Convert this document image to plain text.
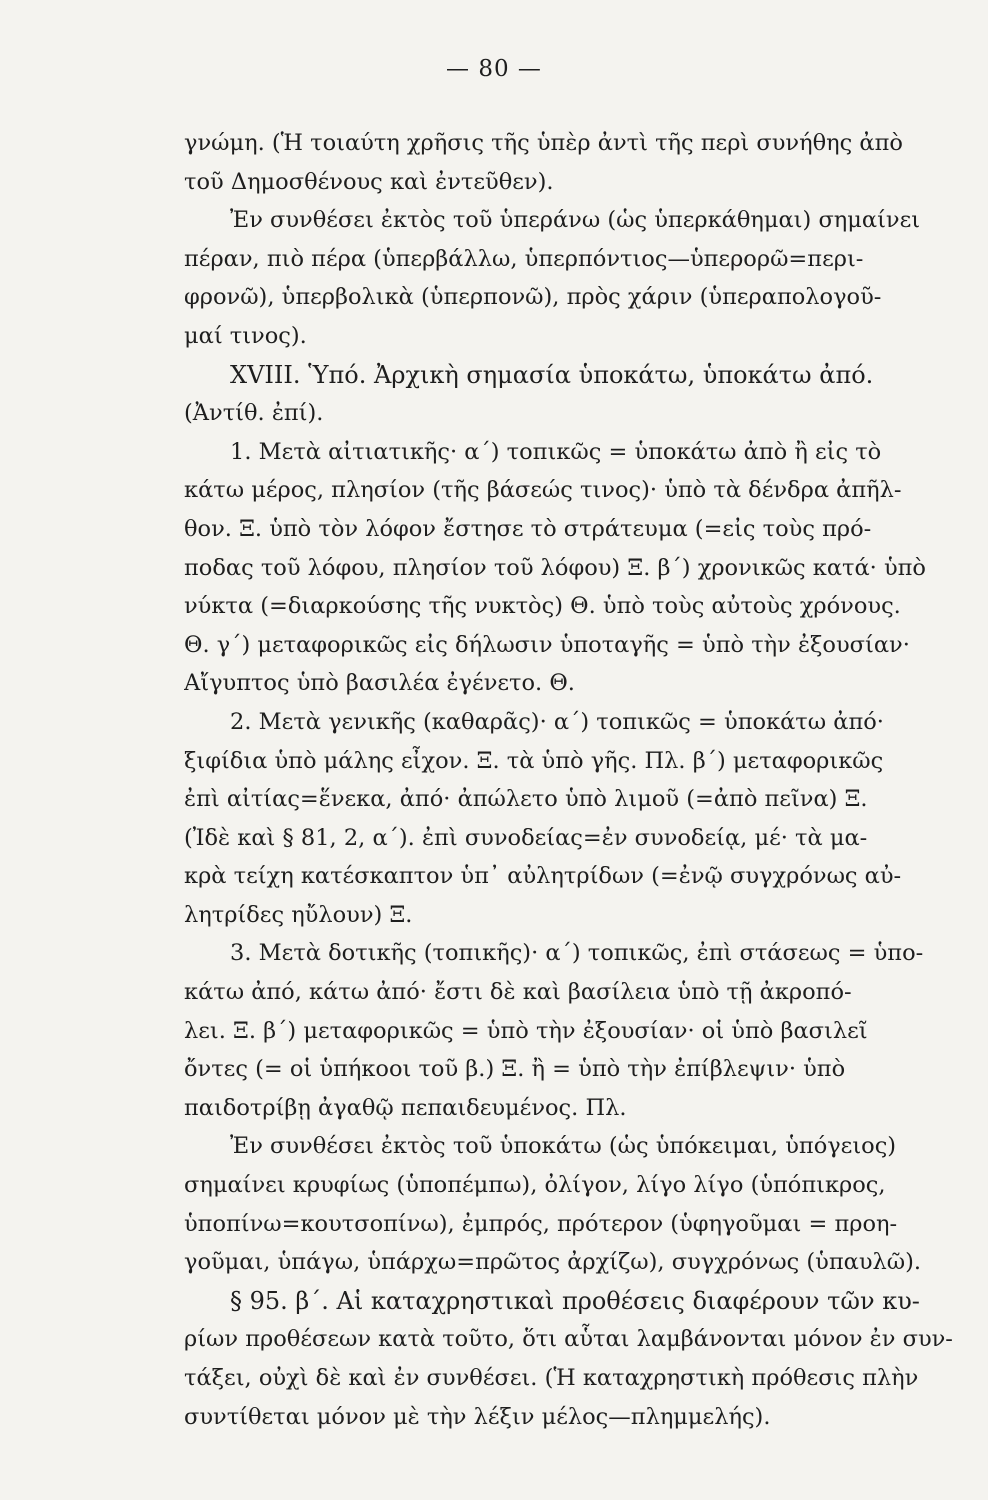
— 80 —
γνώμη. (Ἡ τοιαύτη χρῆσις τῆς ὑπὲρ ἀντὶ τῆς περὶ συνήθης ἀπὸ
τοῦ Δημοσθένους καὶ ἐντεῦθεν).
Ἐν συνθέσει ἐκτὸς τοῦ ὑπεράνω (ὡς ὑπερκάθημαι) σημαίνει
πέραν, πιὸ πέρα (ὑπερβάλλω, ὑπερπόντιος—ὑπερορῶ=περι-
φρονῶ), ὑπερβολικὰ (ὑπερπονῶ), πρὸς χάριν (ὑπεραπολογοῦ-
μαί τινος).
XVIII. Ὑπό. Ἀρχικὴ σημασία ὑποκάτω, ὑποκάτω ἀπό.
(Ἀντίθ. ἐπί).
1. Μετὰ αἰτιατικῆς· α΄) τοπικῶς = ὑποκάτω ἀπὸ ἢ εἰς τὸ
κάτω μέρος, πλησίον (τῆς βάσεώς τινος)· ὑπὸ τὰ δένδρα ἀπῆλ-
θον. Ξ. ὑπὸ τὸν λόφον ἔστησε τὸ στράτευμα (=εἰς τοὺς πρό-
ποδας τοῦ λόφου, πλησίον τοῦ λόφου) Ξ. β΄) χρονικῶς κατά· ὑπὸ
νύκτα (=διαρκούσης τῆς νυκτὸς) Θ. ὑπὸ τοὺς αὐτοὺς χρόνους.
Θ. γ΄) μεταφορικῶς εἰς δήλωσιν ὑποταγῆς = ὑπὸ τὴν ἐξουσίαν·
Αἴγυπτος ὑπὸ βασιλέα ἐγένετο. Θ.
2. Μετὰ γενικῆς (καθαρᾶς)· α΄) τοπικῶς = ὑποκάτω ἀπό·
ξιφίδια ὑπὸ μάλης εἶχον. Ξ. τὰ ὑπὸ γῆς. Πλ. β΄) μεταφορικῶς
ἐπὶ αἰτίας=ἕνεκα, ἀπό· ἀπώλετο ὑπὸ λιμοῦ (=ἀπὸ πεῖνα) Ξ.
(Ἰδὲ καὶ § 81, 2, α΄). ἐπὶ συνοδείας=ἐν συνοδείᾳ, μέ· τὰ μα-
κρὰ τείχη κατέσκαπτον ὑπ᾽ αὐλητρίδων (=ἐνῷ συγχρόνως αὐ-
λητρίδες ηὔλουν) Ξ.
3. Μετὰ δοτικῆς (τοπικῆς)· α΄) τοπικῶς, ἐπὶ στάσεως = ὑπο-
κάτω ἀπό, κάτω ἀπό· ἔστι δὲ καὶ βασίλεια ὑπὸ τῇ ἀκροπό-
λει. Ξ. β΄) μεταφορικῶς = ὑπὸ τὴν ἐξουσίαν· οἱ ὑπὸ βασιλεῖ
ὄντες (= οἱ ὑπήκοοι τοῦ β.) Ξ. ἢ = ὑπὸ τὴν ἐπίβλεψιν· ὑπὸ
παιδοτρίβῃ ἀγαθῷ πεπαιδευμένος. Πλ.
Ἐν συνθέσει ἐκτὸς τοῦ ὑποκάτω (ὡς ὑπόκειμαι, ὑπόγειος)
σημαίνει κρυφίως (ὑποπέμπω), ὀλίγον, λίγο λίγο (ὑπόπικρος,
ὑποπίνω=κουτσοπίνω), ἐμπρός, πρότερον (ὑφηγοῦμαι = προη-
γοῦμαι, ὑπάγω, ὑπάρχω=πρῶτος ἀρχίζω), συγχρόνως (ὑπαυλῶ).
§ 95. β΄. Αἱ καταχρηστικαὶ προθέσεις διαφέρουν τῶν κυ-
ρίων προθέσεων κατὰ τοῦτο, ὅτι αὗται λαμβάνονται μόνον ἐν συν-
τάξει, οὐχὶ δὲ καὶ ἐν συνθέσει. (Ἡ καταχρηστικὴ πρόθεσις πλὴν
συντίθεται μόνον μὲ τὴν λέξιν μέλος—πλημμελής).
